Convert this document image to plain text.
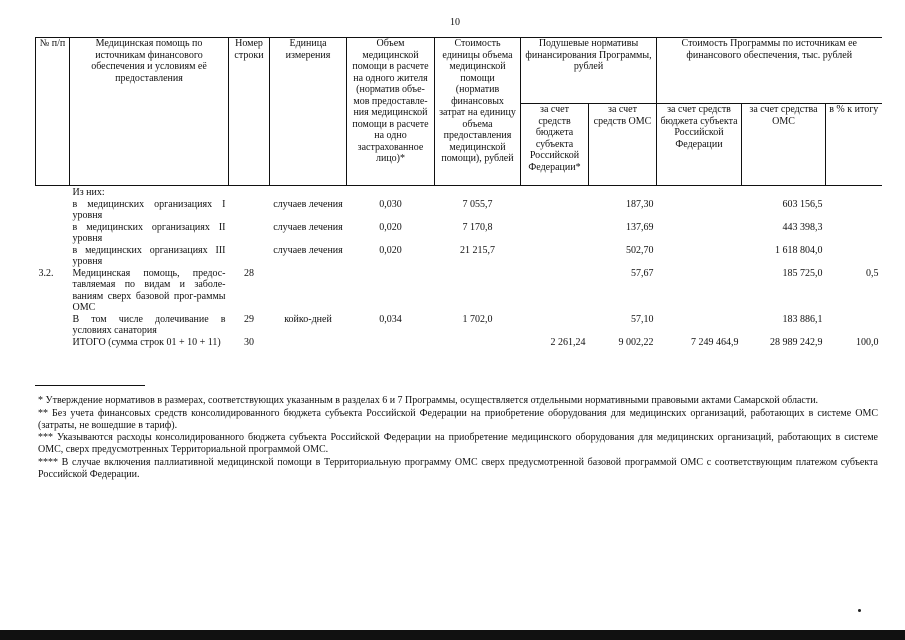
10
№ п/п	Медицинская помощь по источникам финансового обеспечения и условиям её предоставления	Номер строки	Единица измерения	Объем медицинской помощи в расчете на одного жителя (норматив объе-мов предоставле-ния медицинской помощи в расчете на одно застрахованное лицо)*	Стоимость единицы объема медицинской помощи (норматив финансовых затрат на единицу объема предоставления медицинской помощи), рублей	Подушевые нормативы финансирования Программы, рублей		Стоимость Программы по источникам ее финансового обеспечения, тыс. рублей		
						за счет средств бюджета субъекта Российской Федерации*	за счет средств ОМС	за счет средств бюджета субъекта Российской Федерации	за счет средства ОМС	в % к итогу
	Из них:									
	в медицинских организациях I уровня		случаев лечения	0,030	7 055,7		187,30		603 156,5	
	в медицинских организациях II уровня		случаев лечения	0,020	7 170,8		137,69		443 398,3	
	в медицинских организациях III уровня		случаев лечения	0,020	21 215,7		502,70		1 618 804,0	
3.2.	Медицинская помощь, предос-тавляемая по видам и заболе-ваниям сверх базовой прог-раммы ОМС	28					57,67		185 725,0	0,5
	В том числе долечивание в условиях санатория	29	койко-дней	0,034	1 702,0		57,10		183 886,1	
	ИТОГО (сумма строк 01 + 10 + 11)	30				2 261,24	9 002,22	7 249 464,9	28 989 242,9	100,0

* Утверждение нормативов в размерах, соответствующих указанным в разделах 6 и 7 Программы, осуществляется отдельными нормативными правовыми актами Самарской области.

** Без учета финансовых средств консолидированного бюджета субъекта Российской Федерации на приобретение оборудования для медицинских организаций, работающих в системе ОМС (затраты, не вошедшие в тариф).

*** Указываются расходы консолидированного бюджета субъекта Российской Федерации на приобретение медицинского оборудования для медицинских организаций, работающих в системе ОМС, сверх предусмотренных Территориальной программой ОМС.

**** В случае включения паллиативной медицинской помощи в Территориальную программу ОМС сверх предусмотренной базовой программой ОМС с соответствующим платежом субъекта Российской Федерации.
